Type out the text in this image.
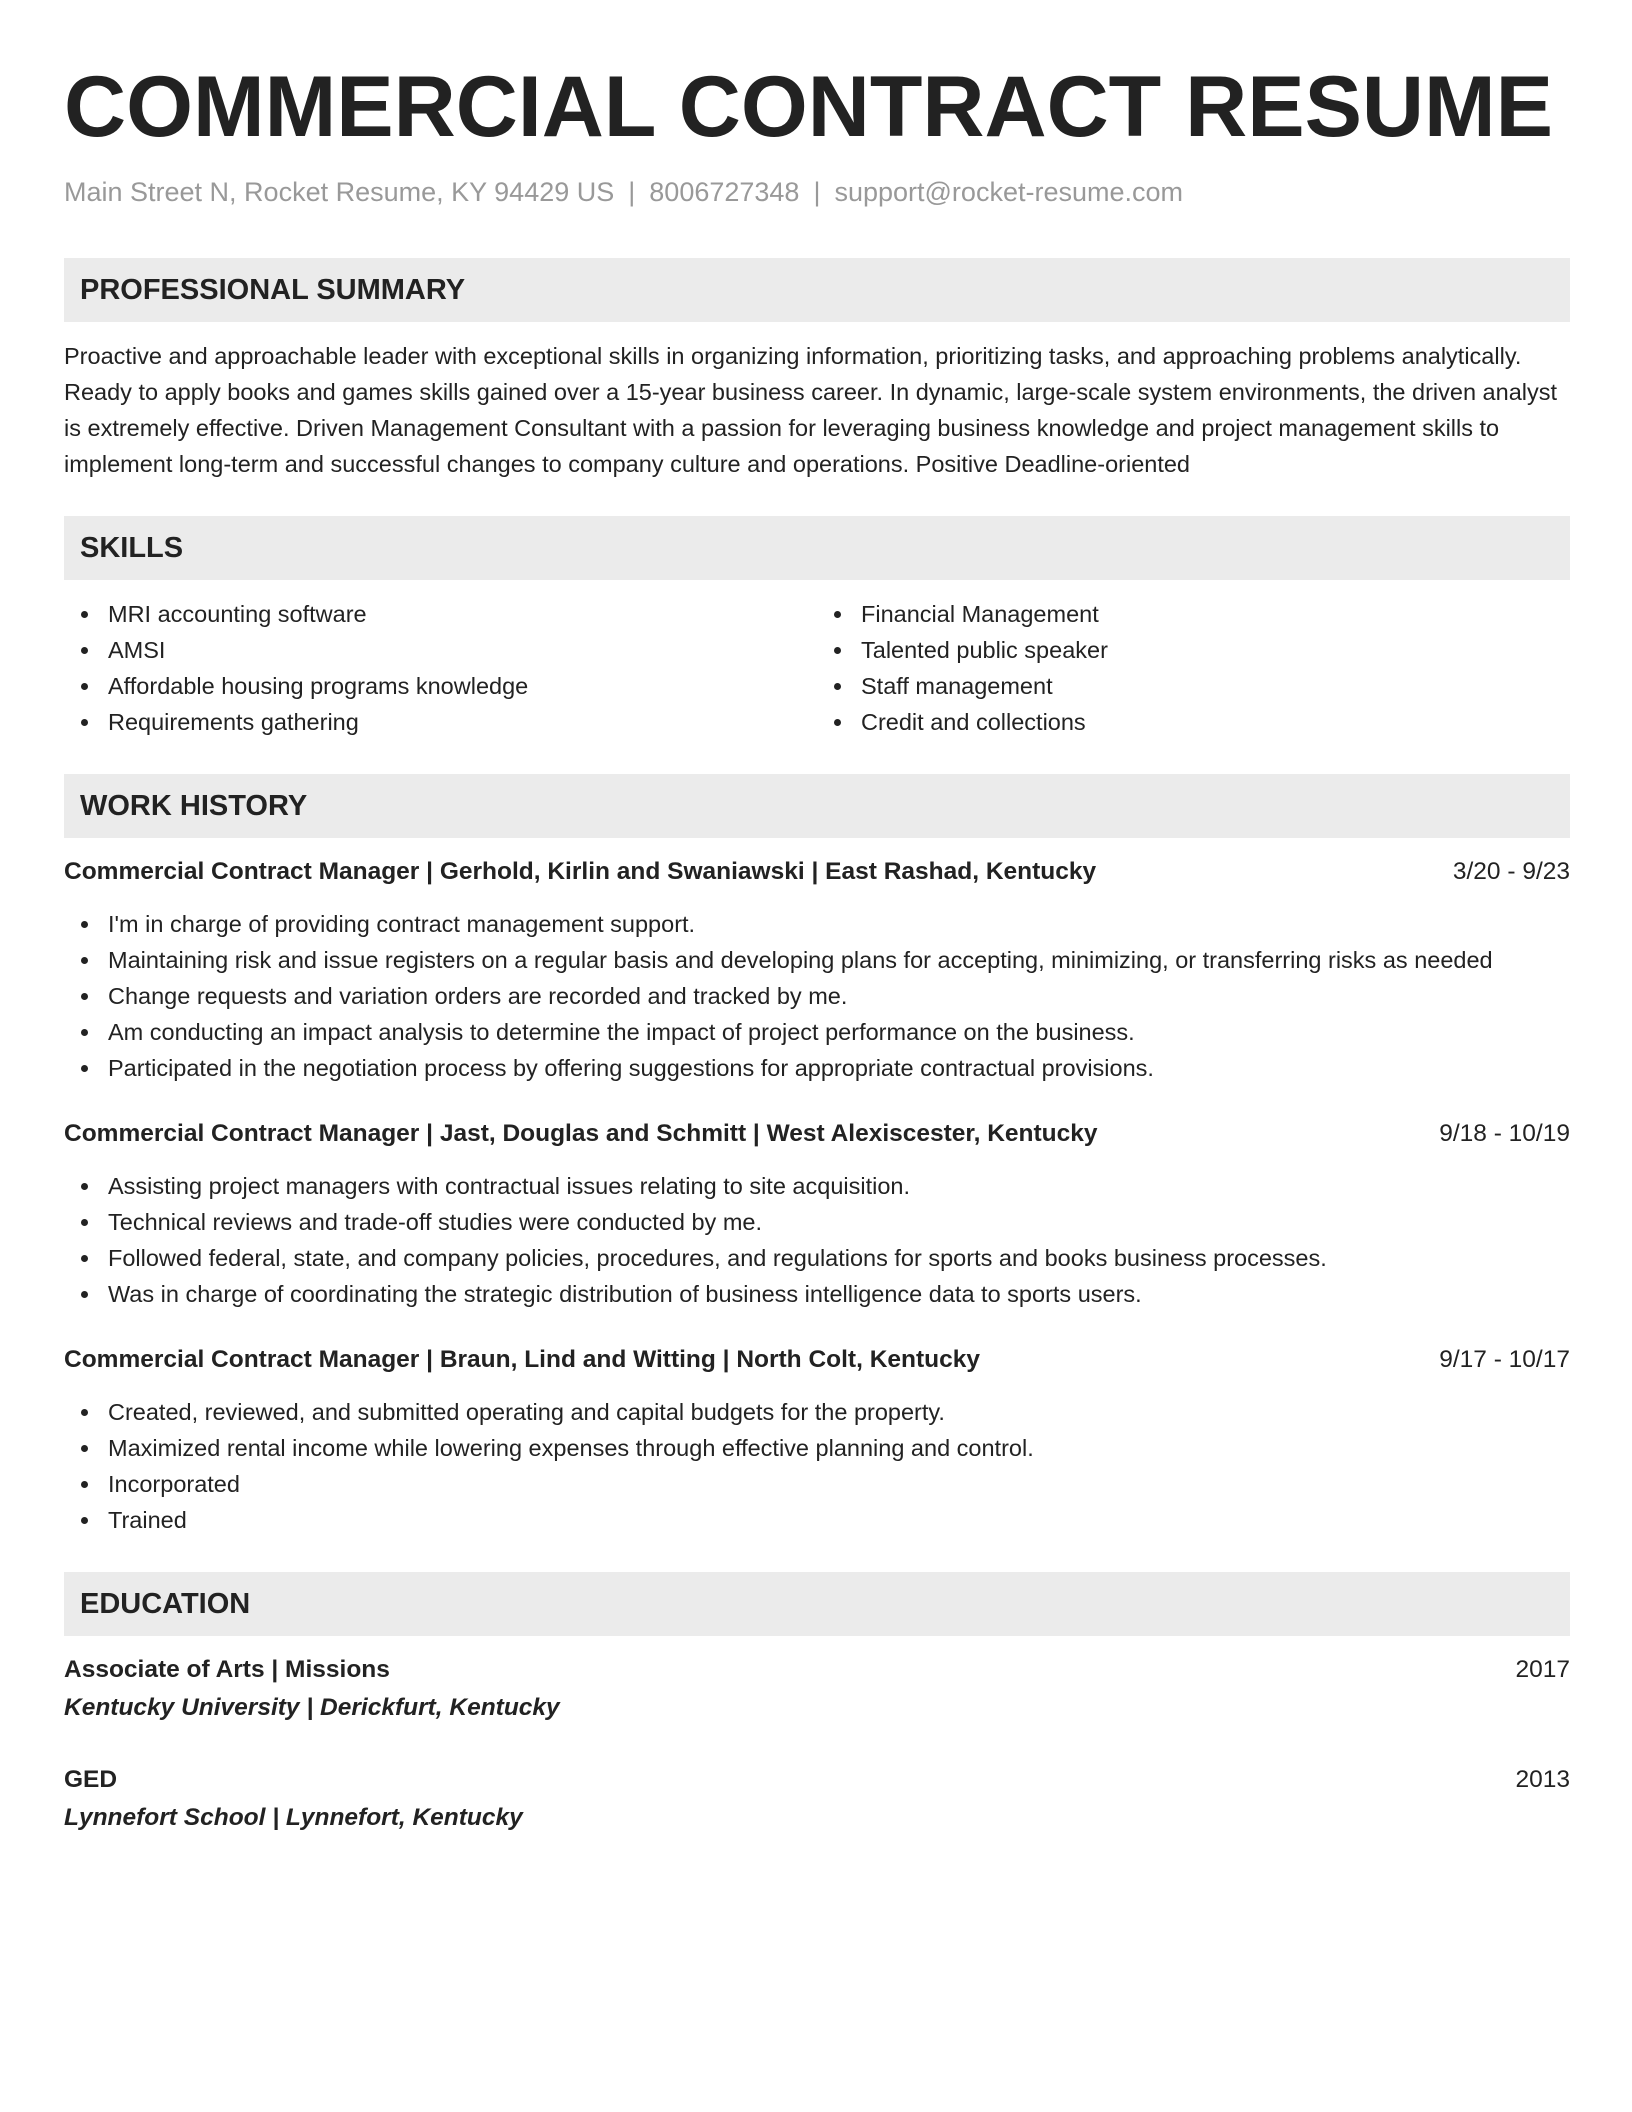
COMMERCIAL CONTRACT RESUME
Main Street N, Rocket Resume, KY 94429 US | 8006727348 | support@rocket-resume.com
PROFESSIONAL SUMMARY
Proactive and approachable leader with exceptional skills in organizing information, prioritizing tasks, and approaching problems analytically. Ready to apply books and games skills gained over a 15-year business career. In dynamic, large-scale system environments, the driven analyst is extremely effective. Driven Management Consultant with a passion for leveraging business knowledge and project management skills to implement long-term and successful changes to company culture and operations. Positive Deadline-oriented
SKILLS
MRI accounting software
AMSI
Affordable housing programs knowledge
Requirements gathering
Financial Management
Talented public speaker
Staff management
Credit and collections
WORK HISTORY
Commercial Contract Manager | Gerhold, Kirlin and Swaniawski | East Rashad, Kentucky	3/20 - 9/23
I'm in charge of providing contract management support.
Maintaining risk and issue registers on a regular basis and developing plans for accepting, minimizing, or transferring risks as needed
Change requests and variation orders are recorded and tracked by me.
Am conducting an impact analysis to determine the impact of project performance on the business.
Participated in the negotiation process by offering suggestions for appropriate contractual provisions.
Commercial Contract Manager | Jast, Douglas and Schmitt | West Alexiscester, Kentucky	9/18 - 10/19
Assisting project managers with contractual issues relating to site acquisition.
Technical reviews and trade-off studies were conducted by me.
Followed federal, state, and company policies, procedures, and regulations for sports and books business processes.
Was in charge of coordinating the strategic distribution of business intelligence data to sports users.
Commercial Contract Manager | Braun, Lind and Witting | North Colt, Kentucky	9/17 - 10/17
Created, reviewed, and submitted operating and capital budgets for the property.
Maximized rental income while lowering expenses through effective planning and control.
Incorporated
Trained
EDUCATION
Associate of Arts | Missions	2017
Kentucky University | Derickfurt, Kentucky
GED	2013
Lynnefort School | Lynnefort, Kentucky
